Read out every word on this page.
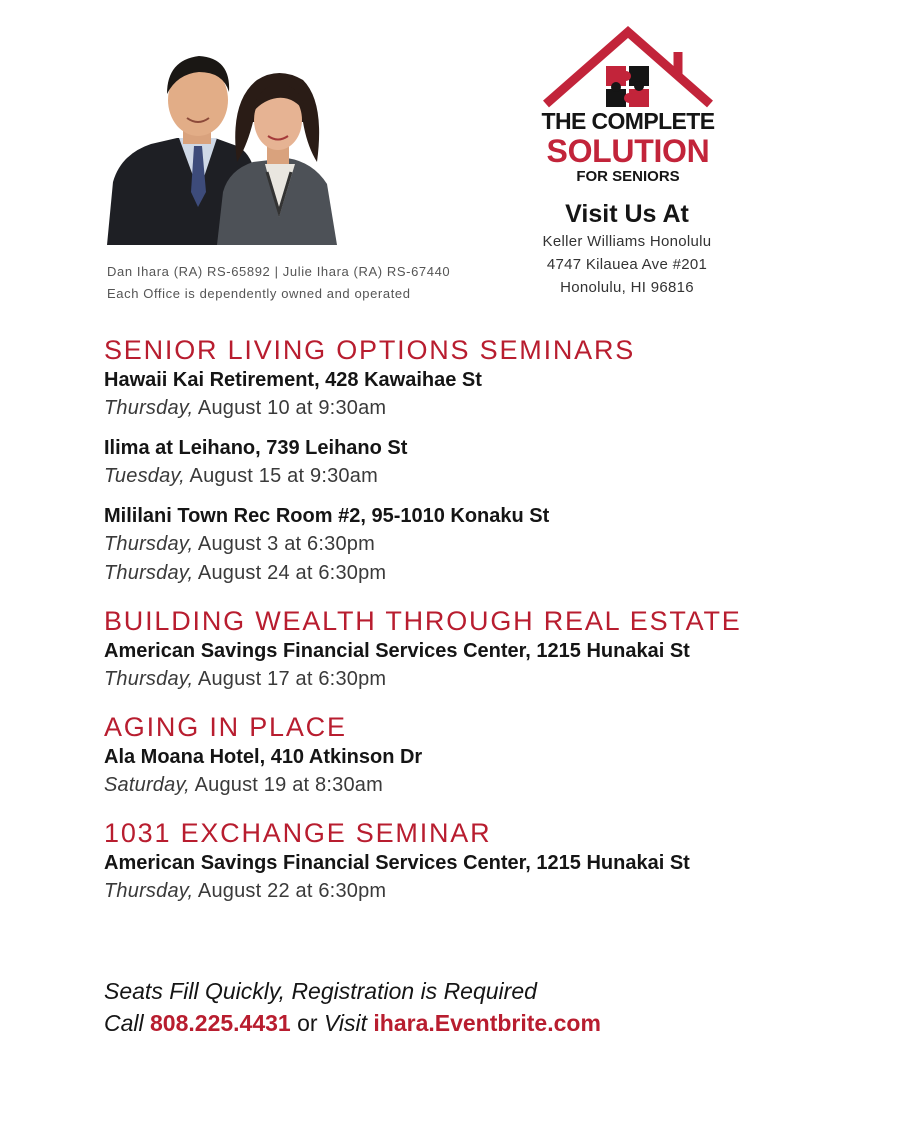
Dan Ihara (RA) RS-65892 | Julie Ihara (RA) RS-67440
Each Office is dependently owned and operated
THE COMPLETE
SOLUTION
FOR SENIORS
Visit Us At
Keller Williams Honolulu
4747 Kilauea Ave #201
Honolulu, HI 96816
SENIOR LIVING OPTIONS SEMINARS
Hawaii Kai Retirement, 428 Kawaihae St
Thursday, August 10 at 9:30am
Ilima at Leihano, 739 Leihano St
Tuesday, August 15 at 9:30am
Mililani Town Rec Room #2, 95-1010 Konaku St
Thursday, August 3 at 6:30pm
Thursday, August 24 at 6:30pm
BUILDING WEALTH THROUGH REAL ESTATE
American Savings Financial Services Center, 1215 Hunakai St
Thursday, August 17 at 6:30pm
AGING IN PLACE
Ala Moana Hotel, 410 Atkinson Dr
Saturday, August 19 at 8:30am
1031 EXCHANGE SEMINAR
American Savings Financial Services Center, 1215 Hunakai St
Thursday, August 22 at 6:30pm
Seats Fill Quickly, Registration is Required
Call 808.225.4431 or Visit ihara.Eventbrite.com
